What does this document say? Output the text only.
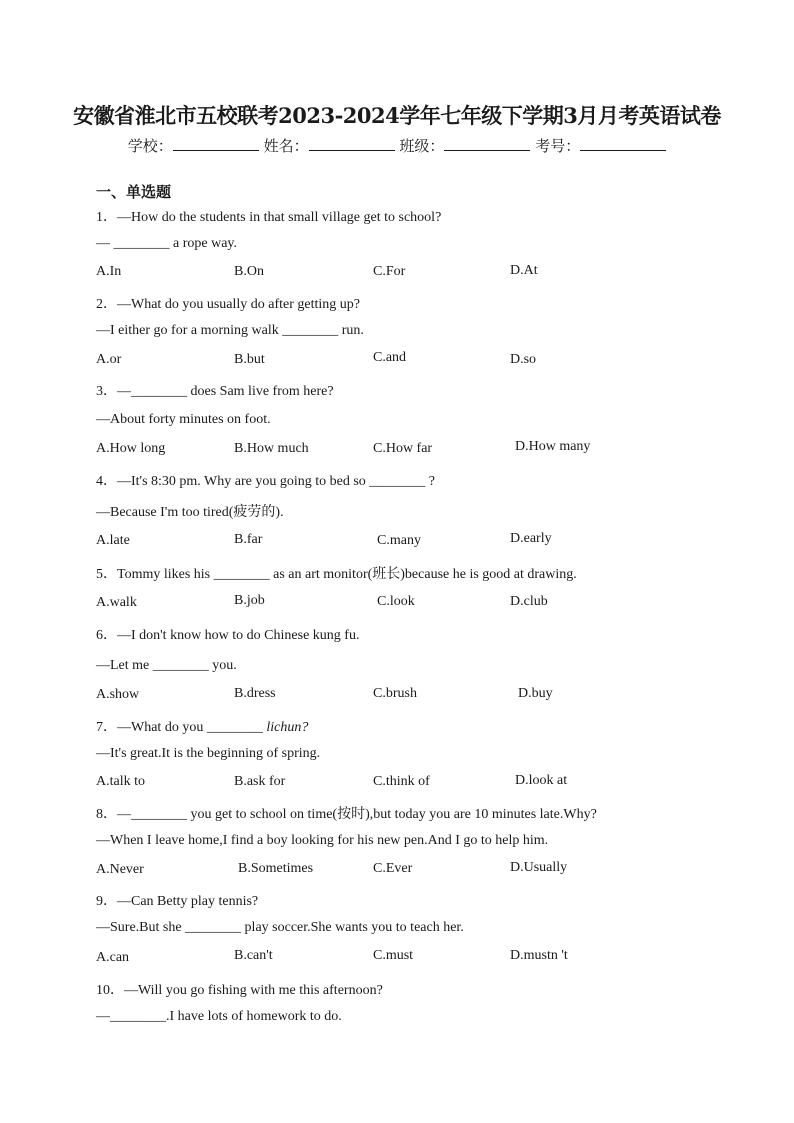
安徽省淮北市五校联考2023-2024学年七年级下学期3月月考英语试卷
学校：	姓名：	班级：	考号：
一、单选题
1．—How do the students in that small village get to school?
— ________ a rope way.
A.In	B.On	C.For	D.At
2．—What do you usually do after getting up?
—I either go for a morning walk ________ run.
A.or	B.but	C.and	D.so
3．—________ does Sam live from here?
—About forty minutes on foot.
A.How long	B.How much	C.How far	D.How many
4．—It's 8:30 pm. Why are you going to bed so ________ ?
—Because I'm too tired(疲劳的).
A.late	B.far	C.many	D.early
5．Tommy likes his ________ as an art monitor(班长)because he is good at drawing.
A.walk	B.job	C.look	D.club
6．—I don't know how to do Chinese kung fu.
—Let me ________ you.
A.show	B.dress	C.brush	D.buy
7．—What do you ________ lichun?
—It's great.It is the beginning of spring.
A.talk to	B.ask for	C.think of	D.look at
8．—________ you get to school on time(按时),but today you are 10 minutes late.Why?
—When I leave home,I find a boy looking for his new pen.And I go to help him.
A.Never	B.Sometimes	C.Ever	D.Usually
9．—Can Betty play tennis?
—Sure.But she ________ play soccer.She wants you to teach her.
A.can	B.can't	C.must	D.mustn 't
10．—Will you go fishing with me this afternoon?
—________.I have lots of homework to do.
